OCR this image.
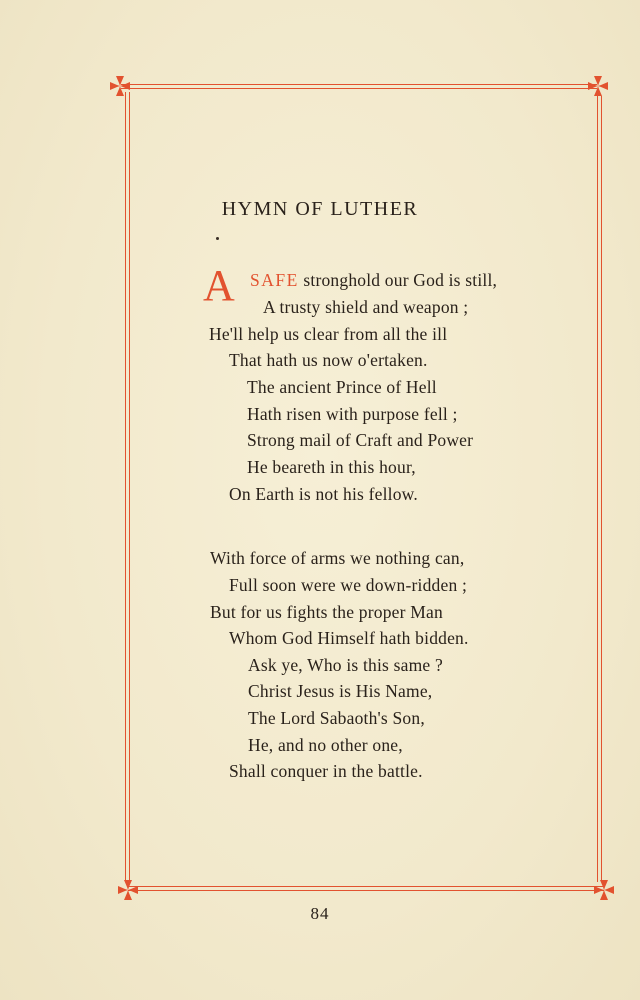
HYMN OF LUTHER
A SAFE stronghold our God is still,
A trusty shield and weapon ;
He'll help us clear from all the ill
That hath us now o'ertaken.
The ancient Prince of Hell
Hath risen with purpose fell ;
Strong mail of Craft and Power
He beareth in this hour,
On Earth is not his fellow.
With force of arms we nothing can,
Full soon were we down-ridden ;
But for us fights the proper Man
Whom God Himself hath bidden.
Ask ye, Who is this same ?
Christ Jesus is His Name,
The Lord Sabaoth's Son,
He, and no other one,
Shall conquer in the battle.
84
